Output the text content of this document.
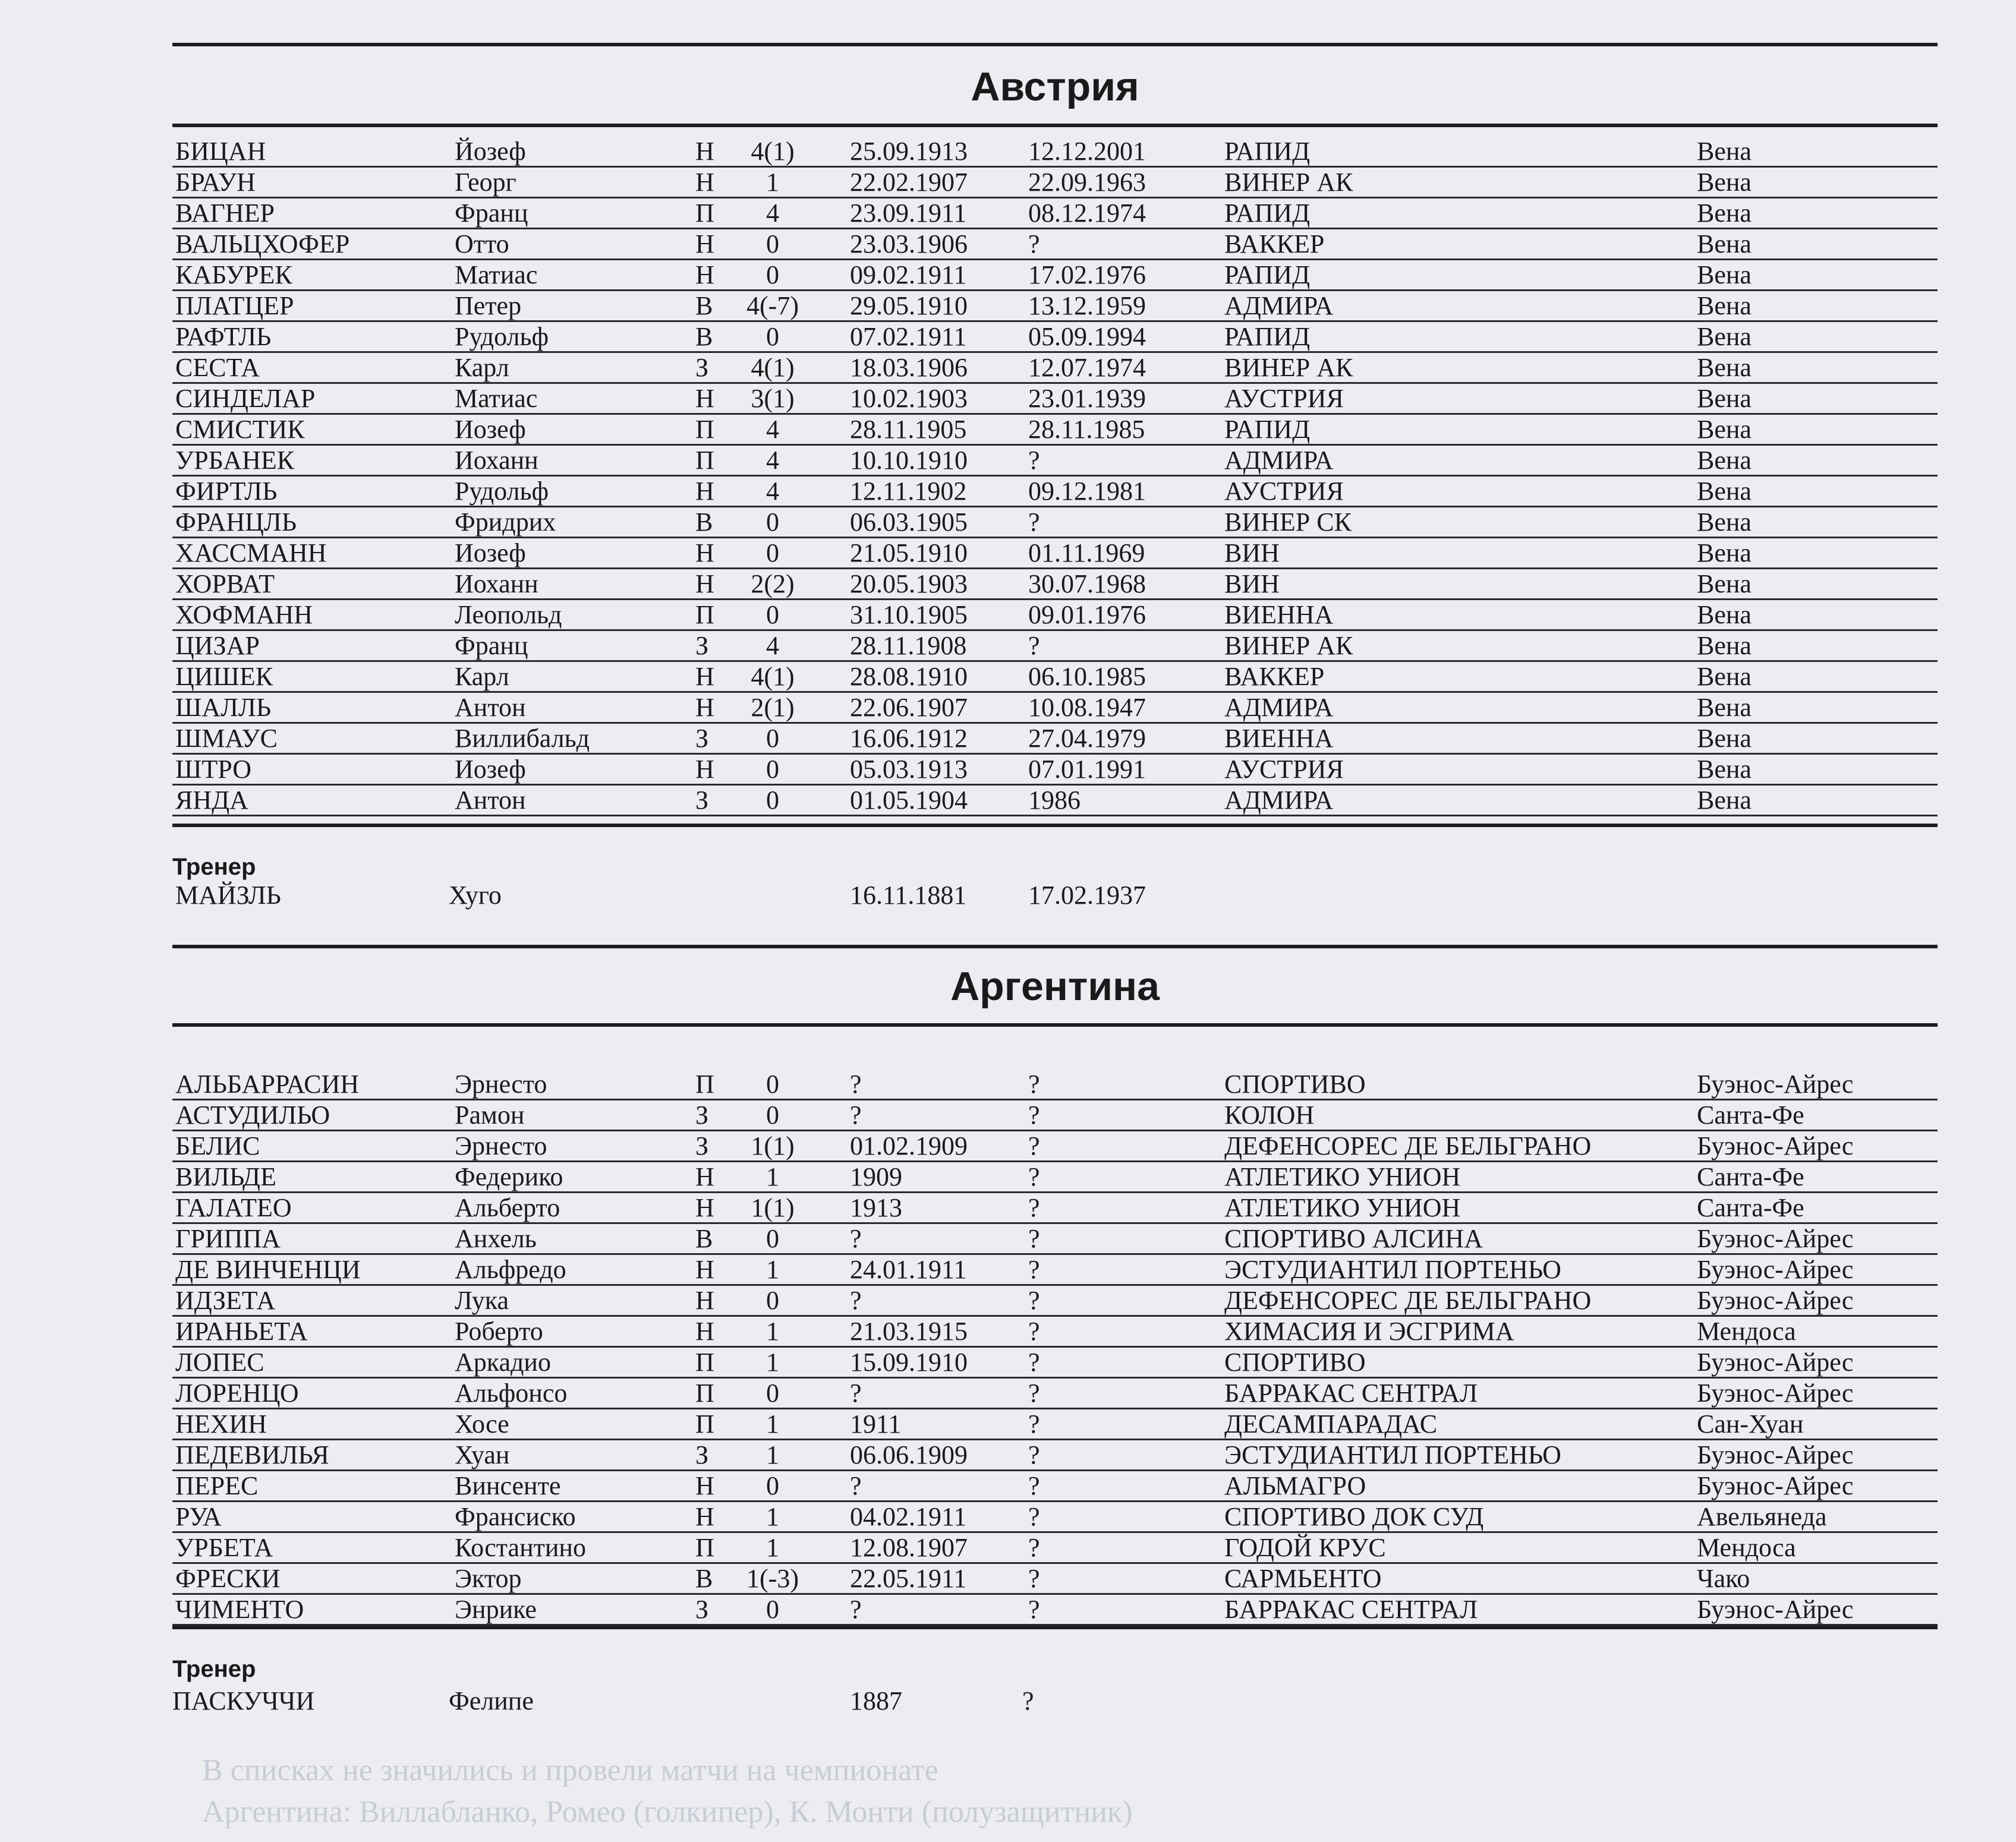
В списках не значились и провели матчи на чемпионате
Аргентина: Виллабланко, Ромео (голкипер), К. Монти (полузащитник)
Австрия
БИЦАН	Йозеф	Н	4(1)	25.09.1913 12.12.2001	РАПИД	Вена
БРАУН	Георг	Н	1	22.02.1907 22.09.1963	ВИНЕР АК	Вена
ВАГНЕР	Франц	П	4	23.09.1911 08.12.1974	РАПИД	Вена
ВАЛЬЦХОФЕР	Отто	Н	0	23.03.1906 ?	ВАККЕР	Вена
КАБУРЕК	Матиас	Н	0	09.02.1911 17.02.1976	РАПИД	Вена
ПЛАТЦЕР	Петер	В	4(-7)	29.05.1910 13.12.1959	АДМИРА	Вена
РАФТЛЬ	Рудольф	В	0	07.02.1911 05.09.1994	РАПИД	Вена
СЕСТА	Карл	З	4(1)	18.03.1906 12.07.1974	ВИНЕР АК	Вена
СИНДЕЛАР	Матиас	Н	3(1)	10.02.1903 23.01.1939	АУСТРИЯ	Вена
СМИСТИК	Иозеф	П	4	28.11.1905 28.11.1985	РАПИД	Вена
УРБАНЕК	Иоханн	П	4	10.10.1910 ?	АДМИРА	Вена
ФИРТЛЬ	Рудольф	Н	4	12.11.1902 09.12.1981	АУСТРИЯ	Вена
ФРАНЦЛЬ	Фридрих	В	0	06.03.1905 ?	ВИНЕР СК	Вена
ХАССМАНН	Иозеф	Н	0	21.05.1910 01.11.1969	ВИН	Вена
ХОРВАТ	Иоханн	Н	2(2)	20.05.1903 30.07.1968	ВИН	Вена
ХОФМАНН	Леопольд	П	0	31.10.1905 09.01.1976	ВИЕННА	Вена
ЦИЗАР	Франц	З	4	28.11.1908 ?	ВИНЕР АК	Вена
ЦИШЕК	Карл	Н	4(1)	28.08.1910 06.10.1985	ВАККЕР	Вена
ШАЛЛЬ	Антон	Н	2(1)	22.06.1907 10.08.1947	АДМИРА	Вена
ШМАУС	Виллибальд	З	0	16.06.1912 27.04.1979	ВИЕННА	Вена
ШТРО	Иозеф	Н	0	05.03.1913 07.01.1991	АУСТРИЯ	Вена
ЯНДА	Антон	З	0	01.05.1904 1986	АДМИРА	Вена
Тренер
МАЙЗЛЬ	Хуго	16.11.1881 17.02.1937
Аргентина
АЛЬБАРРАСИН	Эрнесто	П	0	?	?	СПОРТИВО	Буэнос-Айрес
АСТУДИЛЬО	Рамон	З	0	?	?	КОЛОН	Санта-Фе
БЕЛИС	Эрнесто	З	1(1)	01.02.1909 ?	ДЕФЕНСОРЕС ДЕ БЕЛЬГРАНО	Буэнос-Айрес
ВИЛЬДЕ	Федерико	Н	1	1909	?	АТЛЕТИКО УНИОН	Санта-Фе
ГАЛАТЕО	Альберто	Н	1(1)	1913	?	АТЛЕТИКО УНИОН	Санта-Фе
ГРИППА	Анхель	В	0	?	?	СПОРТИВО АЛСИНА	Буэнос-Айрес
ДЕ ВИНЧЕНЦИ	Альфредо	Н	1	24.01.1911 ?	ЭСТУДИАНТИЛ ПОРТЕНЬО	Буэнос-Айрес
ИДЗЕТА	Лука	Н	0	?	?	ДЕФЕНСОРЕС ДЕ БЕЛЬГРАНО	Буэнос-Айрес
ИРАНЬЕТА	Роберто	Н	1	21.03.1915 ?	ХИМАСИЯ И ЭСГРИМА	Мендоса
ЛОПЕС	Аркадио	П	1	15.09.1910 ?	СПОРТИВО	Буэнос-Айрес
ЛОРЕНЦО	Альфонсо	П	0	?	?	БАРРАКАС СЕНТРАЛ	Буэнос-Айрес
НЕХИН	Хосе	П	1	1911	?	ДЕСАМПАРАДАС	Сан-Хуан
ПЕДЕВИЛЬЯ	Хуан	З	1	06.06.1909 ?	ЭСТУДИАНТИЛ ПОРТЕНЬО	Буэнос-Айрес
ПЕРЕС	Винсенте	Н	0	?	?	АЛЬМАГРО	Буэнос-Айрес
РУА	Франсиско	Н	1	04.02.1911 ?	СПОРТИВО ДОК СУД	Авельянеда
УРБЕТА	Костантино	П	1	12.08.1907 ?	ГОДОЙ КРУС	Мендоса
ФРЕСКИ	Эктор	В	1(-3)	22.05.1911 ?	САРМЬЕНТО	Чако
ЧИМЕНТО	Энрике	З	0	?	?	БАРРАКАС СЕНТРАЛ	Буэнос-Айрес
Тренер
ПАСКУЧЧИ	Фелипе	1887	?
